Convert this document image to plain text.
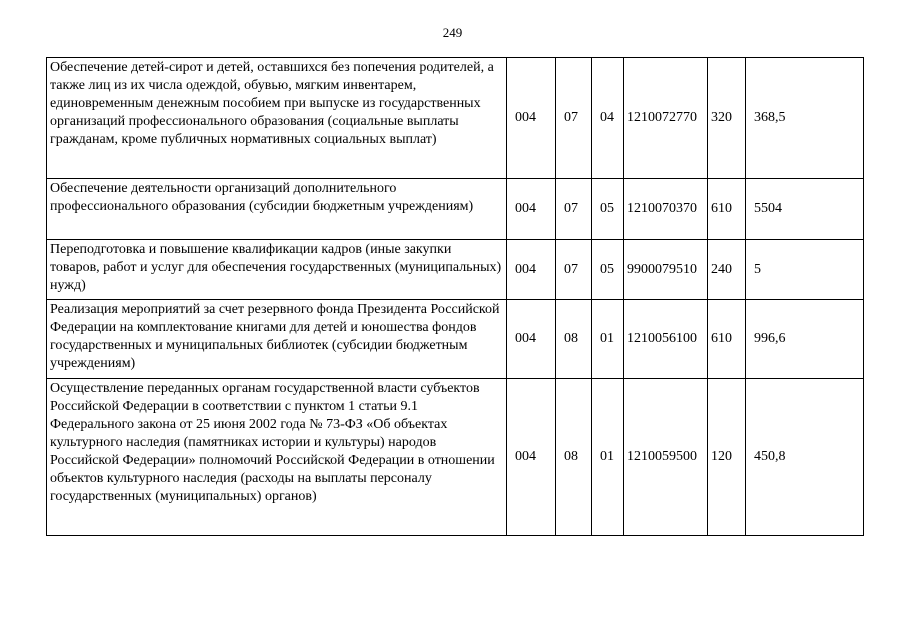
249
Обеспечение детей-сирот и детей, оставшихся без попечения родителей, а также лиц из их числа одеждой, обувью, мягким инвентарем, единовременным денежным пособием при выпуске из государственных организаций профессионального образования (социальные выплаты гражданам, кроме публичных нормативных социальных выплат)	004	07	04	1210072770	320	368,5
Обеспечение деятельности организаций дополнительного профессионального образования (субсидии бюджетным учреждениям)	004	07	05	1210070370	610	5504
Переподготовка и повышение квалификации кадров (иные закупки товаров, работ и услуг для обеспечения государственных (муниципальных) нужд)	004	07	05	9900079510	240	5
Реализация мероприятий за счет резервного фонда Президента Российской Федерации на комплектование книгами для детей и юношества фондов государственных и муниципальных библиотек (субсидии бюджетным учреждениям)	004	08	01	1210056100	610	996,6
Осуществление переданных органам государственной власти субъектов Российской Федерации в соответствии с пунктом 1 статьи 9.1 Федерального закона от 25 июня 2002 года № 73-ФЗ «Об объектах культурного наследия (памятниках истории и культуры) народов Российской Федерации» полномочий Российской Федерации в отношении объектов культурного наследия (расходы на выплаты персоналу государственных (муниципальных) органов)	004	08	01	1210059500	120	450,8
